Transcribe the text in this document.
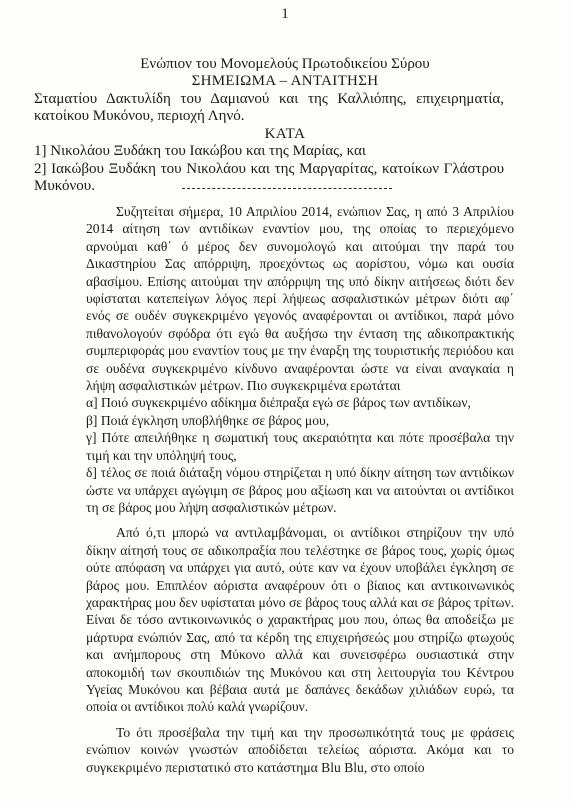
1
Ενώπιον του Μονομελούς Πρωτοδικείου Σύρου
ΣΗΜΕΙΩΜΑ – ΑΝΤΑΙΤΗΣΗ
Σταματίου Δακτυλίδη του Δαμιανού και της Καλλιόπης, επιχειρηματία, κατοίκου Μυκόνου, περιοχή Ληνό.
ΚΑΤΑ
1] Νικολάου Ξυδάκη του Ιακώβου και της Μαρίας, και
2] Ιακώβου Ξυδάκη του Νικολάου και της Μαργαρίτας, κατοίκων Γλάστρου Μυκόνου.

Συζητείται σήμερα, 10 Απριλίου 2014, ενώπιον Σας, η από 3 Απριλίου 2014 αίτηση των αντιδίκων εναντίον μου, της οποίας το περιεχόμενο αρνούμαι καθ΄ ό μέρος δεν συνομολογώ και αιτούμαι την παρά του Δικαστηρίου Σας απόρριψη, προεχόντως ως αορίστου, νόμω και ουσία αβασίμου. Επίσης αιτούμαι την απόρριψη της υπό δίκην αιτήσεως διότι δεν υφίσταται κατεπείγων λόγος περί λήψεως ασφαλιστικών μέτρων διότι αφ΄ ενός σε ουδέν συγκεκριμένο γεγονός αναφέρονται οι αντίδικοι, παρά μόνο πιθανολογούν σφόδρα ότι εγώ θα αυξήσω την ένταση της αδικοπρακτικής συμπεριφοράς μου εναντίον τους με την έναρξη της τουριστικής περιόδου και σε ουδένα συγκεκριμένο κίνδυνο αναφέρονται ώστε να είναι αναγκαία η λήψη ασφαλιστικών μέτρων. Πιο συγκεκριμένα ερωτάται

α] Ποιό συγκεκριμένο αδίκημα διέπραξα εγώ σε βάρος των αντιδίκων,

β] Ποιά έγκληση υποβλήθηκε σε βάρος μου,

γ] Πότε απειλήθηκε η σωματική τους ακεραιότητα και πότε προσέβαλα την τιμή και την υπόληψή τους,

δ] τέλος σε ποιά διάταξη νόμου στηρίζεται η υπό δίκην αίτηση των αντιδίκων ώστε να υπάρχει αγώγιμη σε βάρος μου αξίωση και να αιτούνται οι αντίδικοι τη σε βάρος μου λήψη ασφαλιστικών μέτρων.

Από ό,τι μπορώ να αντιλαμβάνομαι, οι αντίδικοι στηρίζουν την υπό δίκην αίτησή τους σε αδικοπραξία που τελέστηκε σε βάρος τους, χωρίς όμως ούτε απόφαση να υπάρχει για αυτό, ούτε καν να έχουν υποβάλει έγκληση σε βάρος μου. Επιπλέον αόριστα αναφέρουν ότι ο βίαιος και αντικοινωνικός χαρακτήρας μου δεν υφίσταται μόνο σε βάρος τους αλλά και σε βάρος τρίτων. Είναι δε τόσο αντικοινωνικός ο χαρακτήρας μου που, όπως θα αποδείξω με μάρτυρα ενώπιόν Σας, από τα κέρδη της επιχειρήσεώς μου στηρίζω φτωχούς και ανήμπορους στη Μύκονο αλλά και συνεισφέρω ουσιαστικά στην αποκομιδή των σκουπιδιών της Μυκόνου και στη λειτουργία του Κέντρου Υγείας Μυκόνου και βέβαια αυτά με δαπάνες δεκάδων χιλιάδων ευρώ, τα οποία οι αντίδικοι πολύ καλά γνωρίζουν.

Το ότι προσέβαλα την τιμή και την προσωπικότητά τους με φράσεις ενώπιον κοινών γνωστών αποδίδεται τελείως αόριστα. Ακόμα και το συγκεκριμένο περιστατικό στο κατάστημα Blu Blu, στο οποίο
